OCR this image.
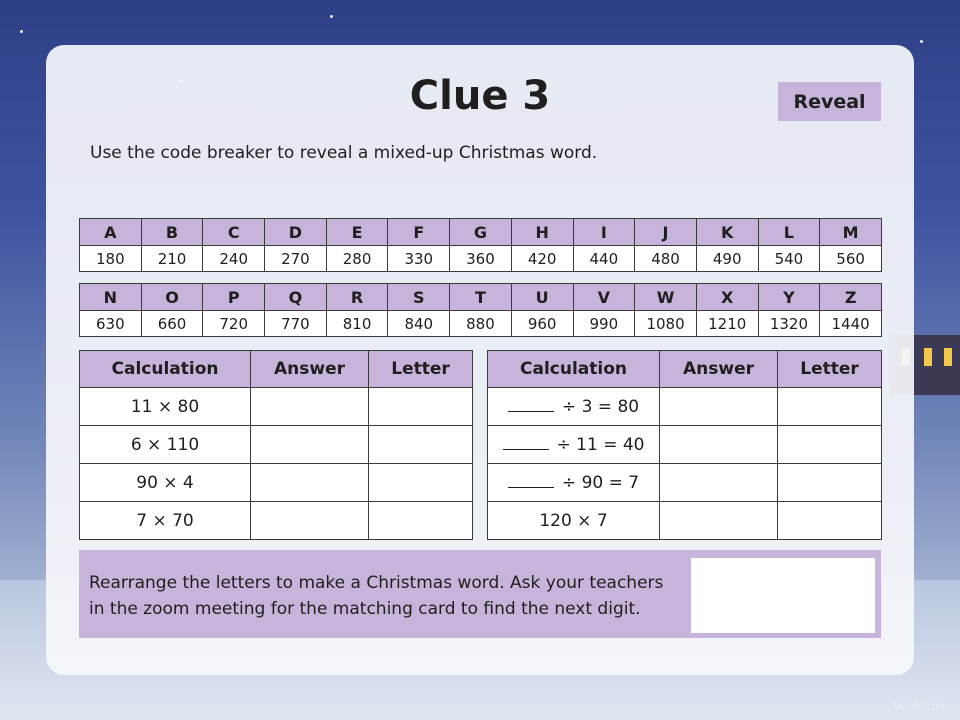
Clue 3	Reveal
Use the code breaker to reveal a mixed-up Christmas word.
A	B	C	D	E	F	G	H	I	J	K	L	M
180	210	240	270	280	330	360	420	440	480	490	540	560
N	O	P	Q	R	S	T	U	V	W	X	Y	Z
630	660	720	770	810	840	880	960	990	1080	1210	1320	1440
Calculation	Answer	Letter
11 × 80		
6 × 110		
90 × 4		
7 × 70		
Calculation	Answer	Letter
÷ 3 = 80		
÷ 11 = 40		
÷ 90 = 7		
120 × 7		
Rearrange the letters to make a Christmas word. Ask your teachers in the zoom meeting for the matching card to find the next digit.
twinkl.com
